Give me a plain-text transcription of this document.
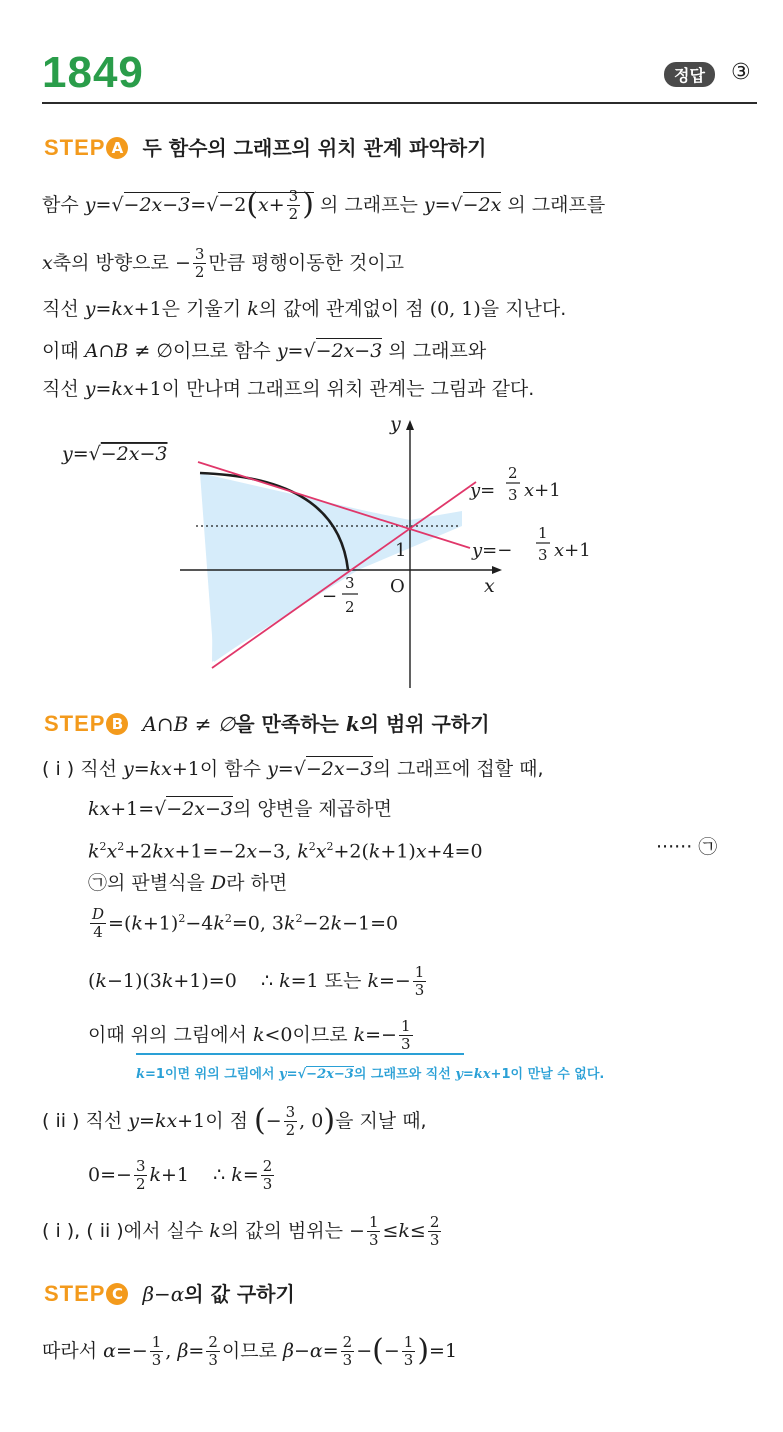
1849	정답	③
STEP A 두 함수의 그래프의 위치 관계 파악하기
함수 $y=√-2x-3=√-2(x+ \frac{3}{2}$ ) 의 그래프는 y=√−2x 의 그래프를
x축의 방향으로 − $\frac{3}{2}$ 만큼 평행이동한 것이고
직선 y=kx+1은 기울기 k의 값에 관계없이 점 (0, 1)을 지난다.
이때 A∩B ≠ ∅이므로 함수 y=√−2x−3 의 그래프와
직선 y=kx+1이 만나며 그래프의 위치 관계는 그림과 같다.
y=√−2x−3
y
x
O
1
y=
2
3 x+1
y=−
1
3 x+1
−
3
2
STEP B A∩B ≠ ∅을 만족하는 k의 범위 구하기
( i ) 직선 y=kx+1이 함수 y=√−2x−3의 그래프에 접할 때,
kx+1=√−2x−3의 양변을 제곱하면
$k^2x^2+2kx+1=-2x-3$, $k^2x^2+2(k+1)x+4=0$	······ ㉠
㉠의 판별식을 D라 하면
$\frac{D}{4} =(k+1)^2-4k^2=0$, $3k^2-2k-1=0$
(k−1)(3k+1)=0    ∴ k=1 또는 $k=- \frac{1}{3}$
이때 위의 그림에서 k<0이므로 $k=- \frac{1}{3}$
k=1이면 위의 그림에서 y=√−2x−3의 그래프와 직선 y=kx+1이 만날 수 없다.
( ii ) 직선 y=kx+1이 점 (− $\frac{3}{2}$ , 0)을 지날 때,
$0=- \frac{3}{2} k+1$    ∴ $k= \frac{2}{3}$
( i ), ( ii )에서 실수 k의 값의 범위는 − $\frac{1}{3} \le k\le \frac{2}{3}$
STEP C β−α의 값 구하기
따라서 $\alpha=- \frac{1}{3}$ , $\beta= \frac{2}{3}$ 이므로 $\beta-\alpha= \frac{2}{3}$ −(− $\frac{1}{3} )=1$
